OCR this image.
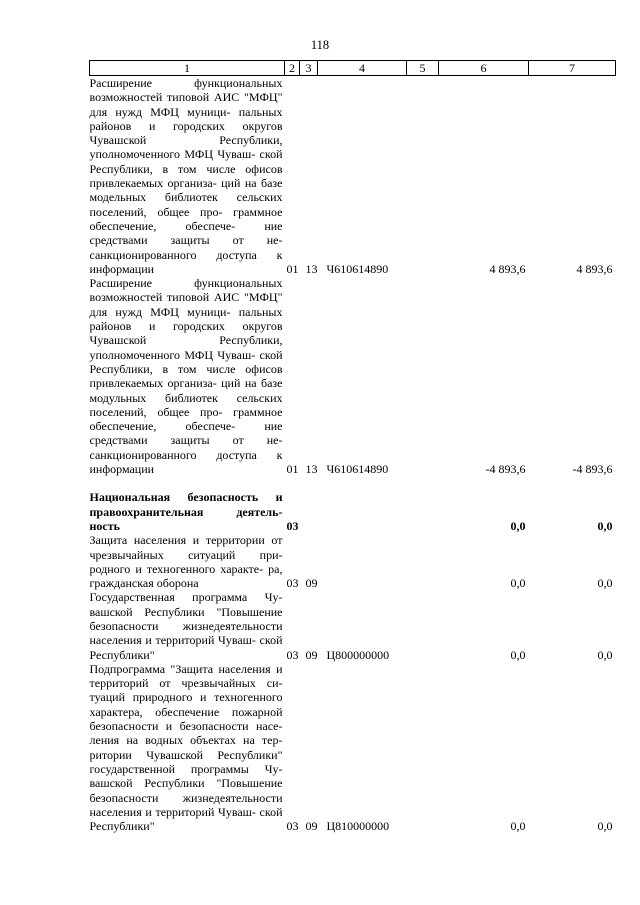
118
1	2	3	4	5	6	7
Расширение функциональных возможностей типовой АИС "МФЦ" для нужд МФЦ муници- пальных районов и городских округов Чувашской Республики, уполномоченного МФЦ Чуваш- ской Республики, в том числе офисов привлекаемых организа- ций на базе модельных библиотек сельских поселений, общее про- граммное обеспечение, обеспече- ние средствами защиты от не- санкционированного доступа к информации	01	13	Ч610614890		4 893,6	4 893,6
Расширение функциональных возможностей типовой АИС "МФЦ" для нужд МФЦ муници- пальных районов и городских округов Чувашской Республики, уполномоченного МФЦ Чуваш- ской Республики, в том числе офисов привлекаемых организа- ций на базе модульных библиотек сельских поселений, общее про- граммное обеспечение, обеспече- ние средствами защиты от не- санкционированного доступа к информации	01	13	Ч610614890		-4 893,6	-4 893,6

Национальная безопасность и правоохранительная деятель- ность	03				0,0	0,0
Защита населения и территории от чрезвычайных ситуаций при- родного и техногенного характе- ра, гражданская оборона	03	09			0,0	0,0
Государственная программа Чу- вашской Республики "Повышение безопасности жизнедеятельности населения и территорий Чуваш- ской Республики"	03	09	Ц800000000		0,0	0,0
Подпрограмма "Защита населения и территорий от чрезвычайных си- туаций природного и техногенного характера, обеспечение пожарной безопасности и безопасности насе- ления на водных объектах на тер- ритории Чувашской Республики" государственной программы Чу- вашской Республики "Повышение безопасности жизнедеятельности населения и территорий Чуваш- ской Республики"	03	09	Ц810000000		0,0	0,0
